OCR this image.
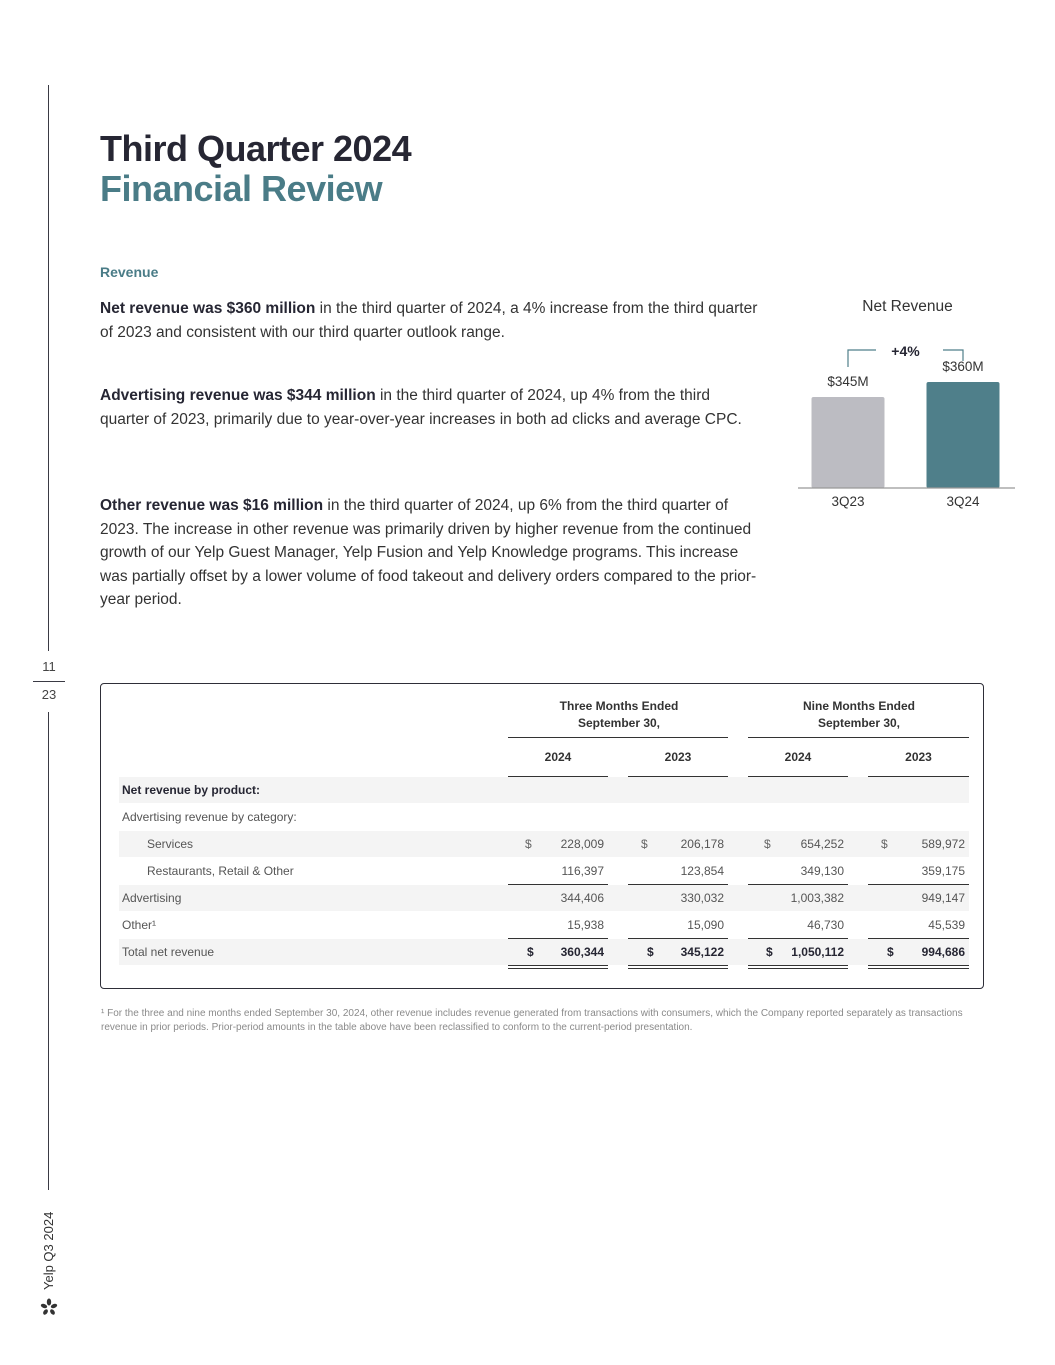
11
23
Yelp Q3 2024
Third Quarter 2024
Financial Review
Revenue
Net revenue was $360 million in the third quarter of 2024, a 4% increase from the third quarter of 2023 and consistent with our third quarter outlook range.
Advertising revenue was $344 million in the third quarter of 2024, up 4% from the third quarter of 2023, primarily due to year-over-year increases in both ad clicks and average CPC.
Other revenue was $16 million in the third quarter of 2024, up 6% from the third quarter of 2023. The increase in other revenue was primarily driven by higher revenue from the continued growth of our Yelp Guest Manager, Yelp Fusion and Yelp Knowledge programs. This increase was partially offset by a lower volume of food takeout and delivery orders compared to the prior-year period.
Net Revenue
$345M
3Q23
$360M
3Q24
+4%
Three Months Ended
September 30,
Nine Months Ended
September 30,
2024	2023	2024	2023
Net revenue by product:
Advertising revenue by category:
Services	$	228,009	$	206,178	$	654,252	$	589,972
Restaurants, Retail & Other	116,397	123,854	349,130	359,175
Advertising	344,406	330,032	1,003,382	949,147
Other¹	15,938	15,090	46,730	45,539
Total net revenue	$	360,344	$	345,122	$	1,050,112	$	994,686
¹ For the three and nine months ended September 30, 2024, other revenue includes revenue generated from transactions with consumers, which the Company reported separately as transactions revenue in prior periods. Prior-period amounts in the table above have been reclassified to conform to the current-period presentation.
